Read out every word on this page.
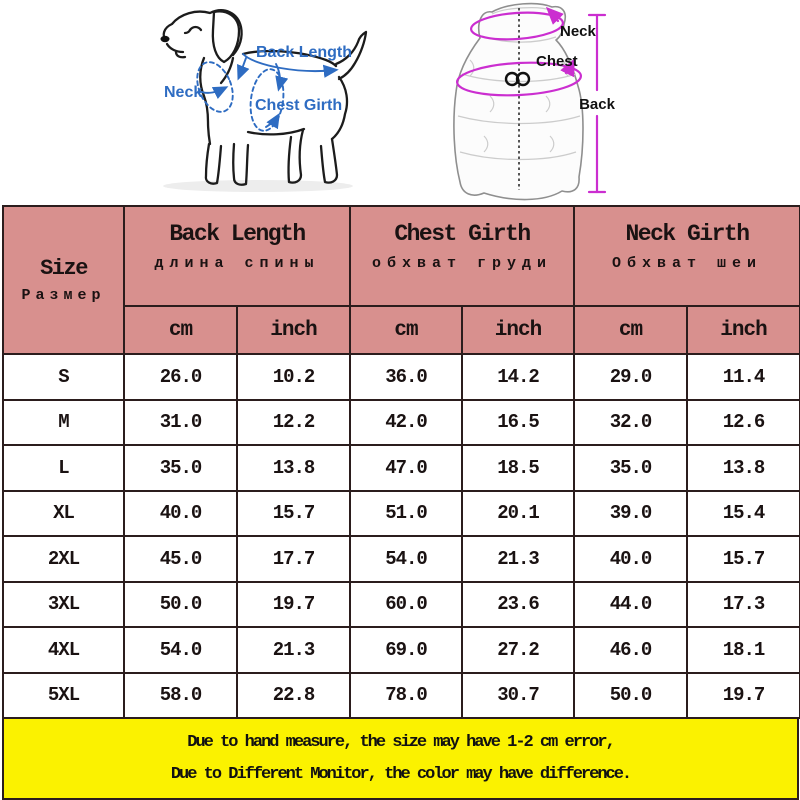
Back Length
Neck
Chest Girth
Neck
Chest
Back
Size
Размер

Back Length
длина спины

Chest Girth
обхват груди

Neck Girth
Обхват шеи

	cm	inch	cm	inch	cm	inch
S	26.0	10.2	36.0	14.2	29.0	11.4
M	31.0	12.2	42.0	16.5	32.0	12.6
L	35.0	13.8	47.0	18.5	35.0	13.8
XL	40.0	15.7	51.0	20.1	39.0	15.4
2XL	45.0	17.7	54.0	21.3	40.0	15.7
3XL	50.0	19.7	60.0	23.6	44.0	17.3
4XL	54.0	21.3	69.0	27.2	46.0	18.1
5XL	58.0	22.8	78.0	30.7	50.0	19.7
Due to hand measure, the size may have 1-2 cm error,
Due to Different Monitor, the color may have difference.
